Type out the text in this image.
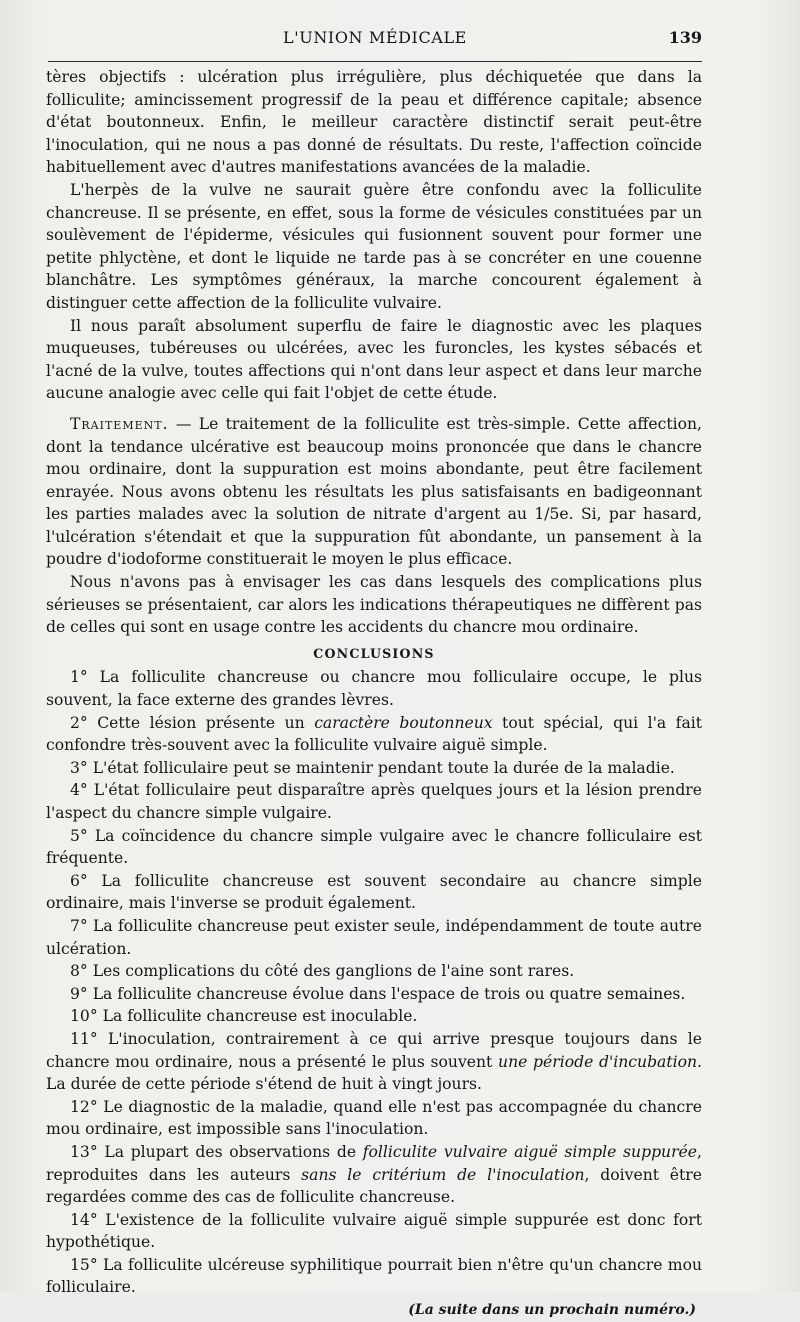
L'UNION MÉDICALE	139

tères objectifs : ulcération plus irrégulière, plus déchiquetée que dans la folliculite; amincissement progressif de la peau et différence capitale; absence d'état boutonneux. Enfin, le meilleur caractère distinctif serait peut-être l'inoculation, qui ne nous a pas donné de résultats. Du reste, l'affection coïncide habituellement avec d'autres manifestations avancées de la maladie.

L'herpès de la vulve ne saurait guère être confondu avec la folliculite chancreuse. Il se présente, en effet, sous la forme de vésicules constituées par un soulèvement de l'épiderme, vésicules qui fusionnent souvent pour former une petite phlyctène, et dont le liquide ne tarde pas à se concréter en une couenne blanchâtre. Les symptômes généraux, la marche concourent également à distinguer cette affection de la folliculite vulvaire.

Il nous paraît absolument superflu de faire le diagnostic avec les plaques muqueuses, tubéreuses ou ulcérées, avec les furoncles, les kystes sébacés et l'acné de la vulve, toutes affections qui n'ont dans leur aspect et dans leur marche aucune analogie avec celle qui fait l'objet de cette étude.

Traitement. — Le traitement de la folliculite est très-simple. Cette affection, dont la tendance ulcérative est beaucoup moins prononcée que dans le chancre mou ordinaire, dont la suppuration est moins abondante, peut être facilement enrayée. Nous avons obtenu les résultats les plus satisfaisants en badigeonnant les parties malades avec la solution de nitrate d'argent au 1/5e. Si, par hasard, l'ulcération s'étendait et que la suppuration fût abondante, un pansement à la poudre d'iodoforme constituerait le moyen le plus efficace.

Nous n'avons pas à envisager les cas dans lesquels des complications plus sérieuses se présentaient, car alors les indications thérapeutiques ne diffèrent pas de celles qui sont en usage contre les accidents du chancre mou ordinaire.

CONCLUSIONS

1° La folliculite chancreuse ou chancre mou folliculaire occupe, le plus souvent, la face externe des grandes lèvres.

2° Cette lésion présente un caractère boutonneux tout spécial, qui l'a fait confondre très-souvent avec la folliculite vulvaire aiguë simple.

3° L'état folliculaire peut se maintenir pendant toute la durée de la maladie.

4° L'état folliculaire peut disparaître après quelques jours et la lésion prendre l'aspect du chancre simple vulgaire.

5° La coïncidence du chancre simple vulgaire avec le chancre folliculaire est fréquente.

6° La folliculite chancreuse est souvent secondaire au chancre simple ordinaire, mais l'inverse se produit également.

7° La folliculite chancreuse peut exister seule, indépendamment de toute autre ulcération.

8° Les complications du côté des ganglions de l'aine sont rares.

9° La folliculite chancreuse évolue dans l'espace de trois ou quatre semaines.

10° La folliculite chancreuse est inoculable.

11° L'inoculation, contrairement à ce qui arrive presque toujours dans le chancre mou ordinaire, nous a présenté le plus souvent une période d'incubation. La durée de cette période s'étend de huit à vingt jours.

12° Le diagnostic de la maladie, quand elle n'est pas accompagnée du chancre mou ordinaire, est impossible sans l'inoculation.

13° La plupart des observations de folliculite vulvaire aiguë simple suppurée, reproduites dans les auteurs sans le critérium de l'inoculation, doivent être regardées comme des cas de folliculite chancreuse.

14° L'existence de la folliculite vulvaire aiguë simple suppurée est donc fort hypothétique.

15° La folliculite ulcéreuse syphilitique pourrait bien n'être qu'un chancre mou folliculaire.

(La suite dans un prochain numéro.)
